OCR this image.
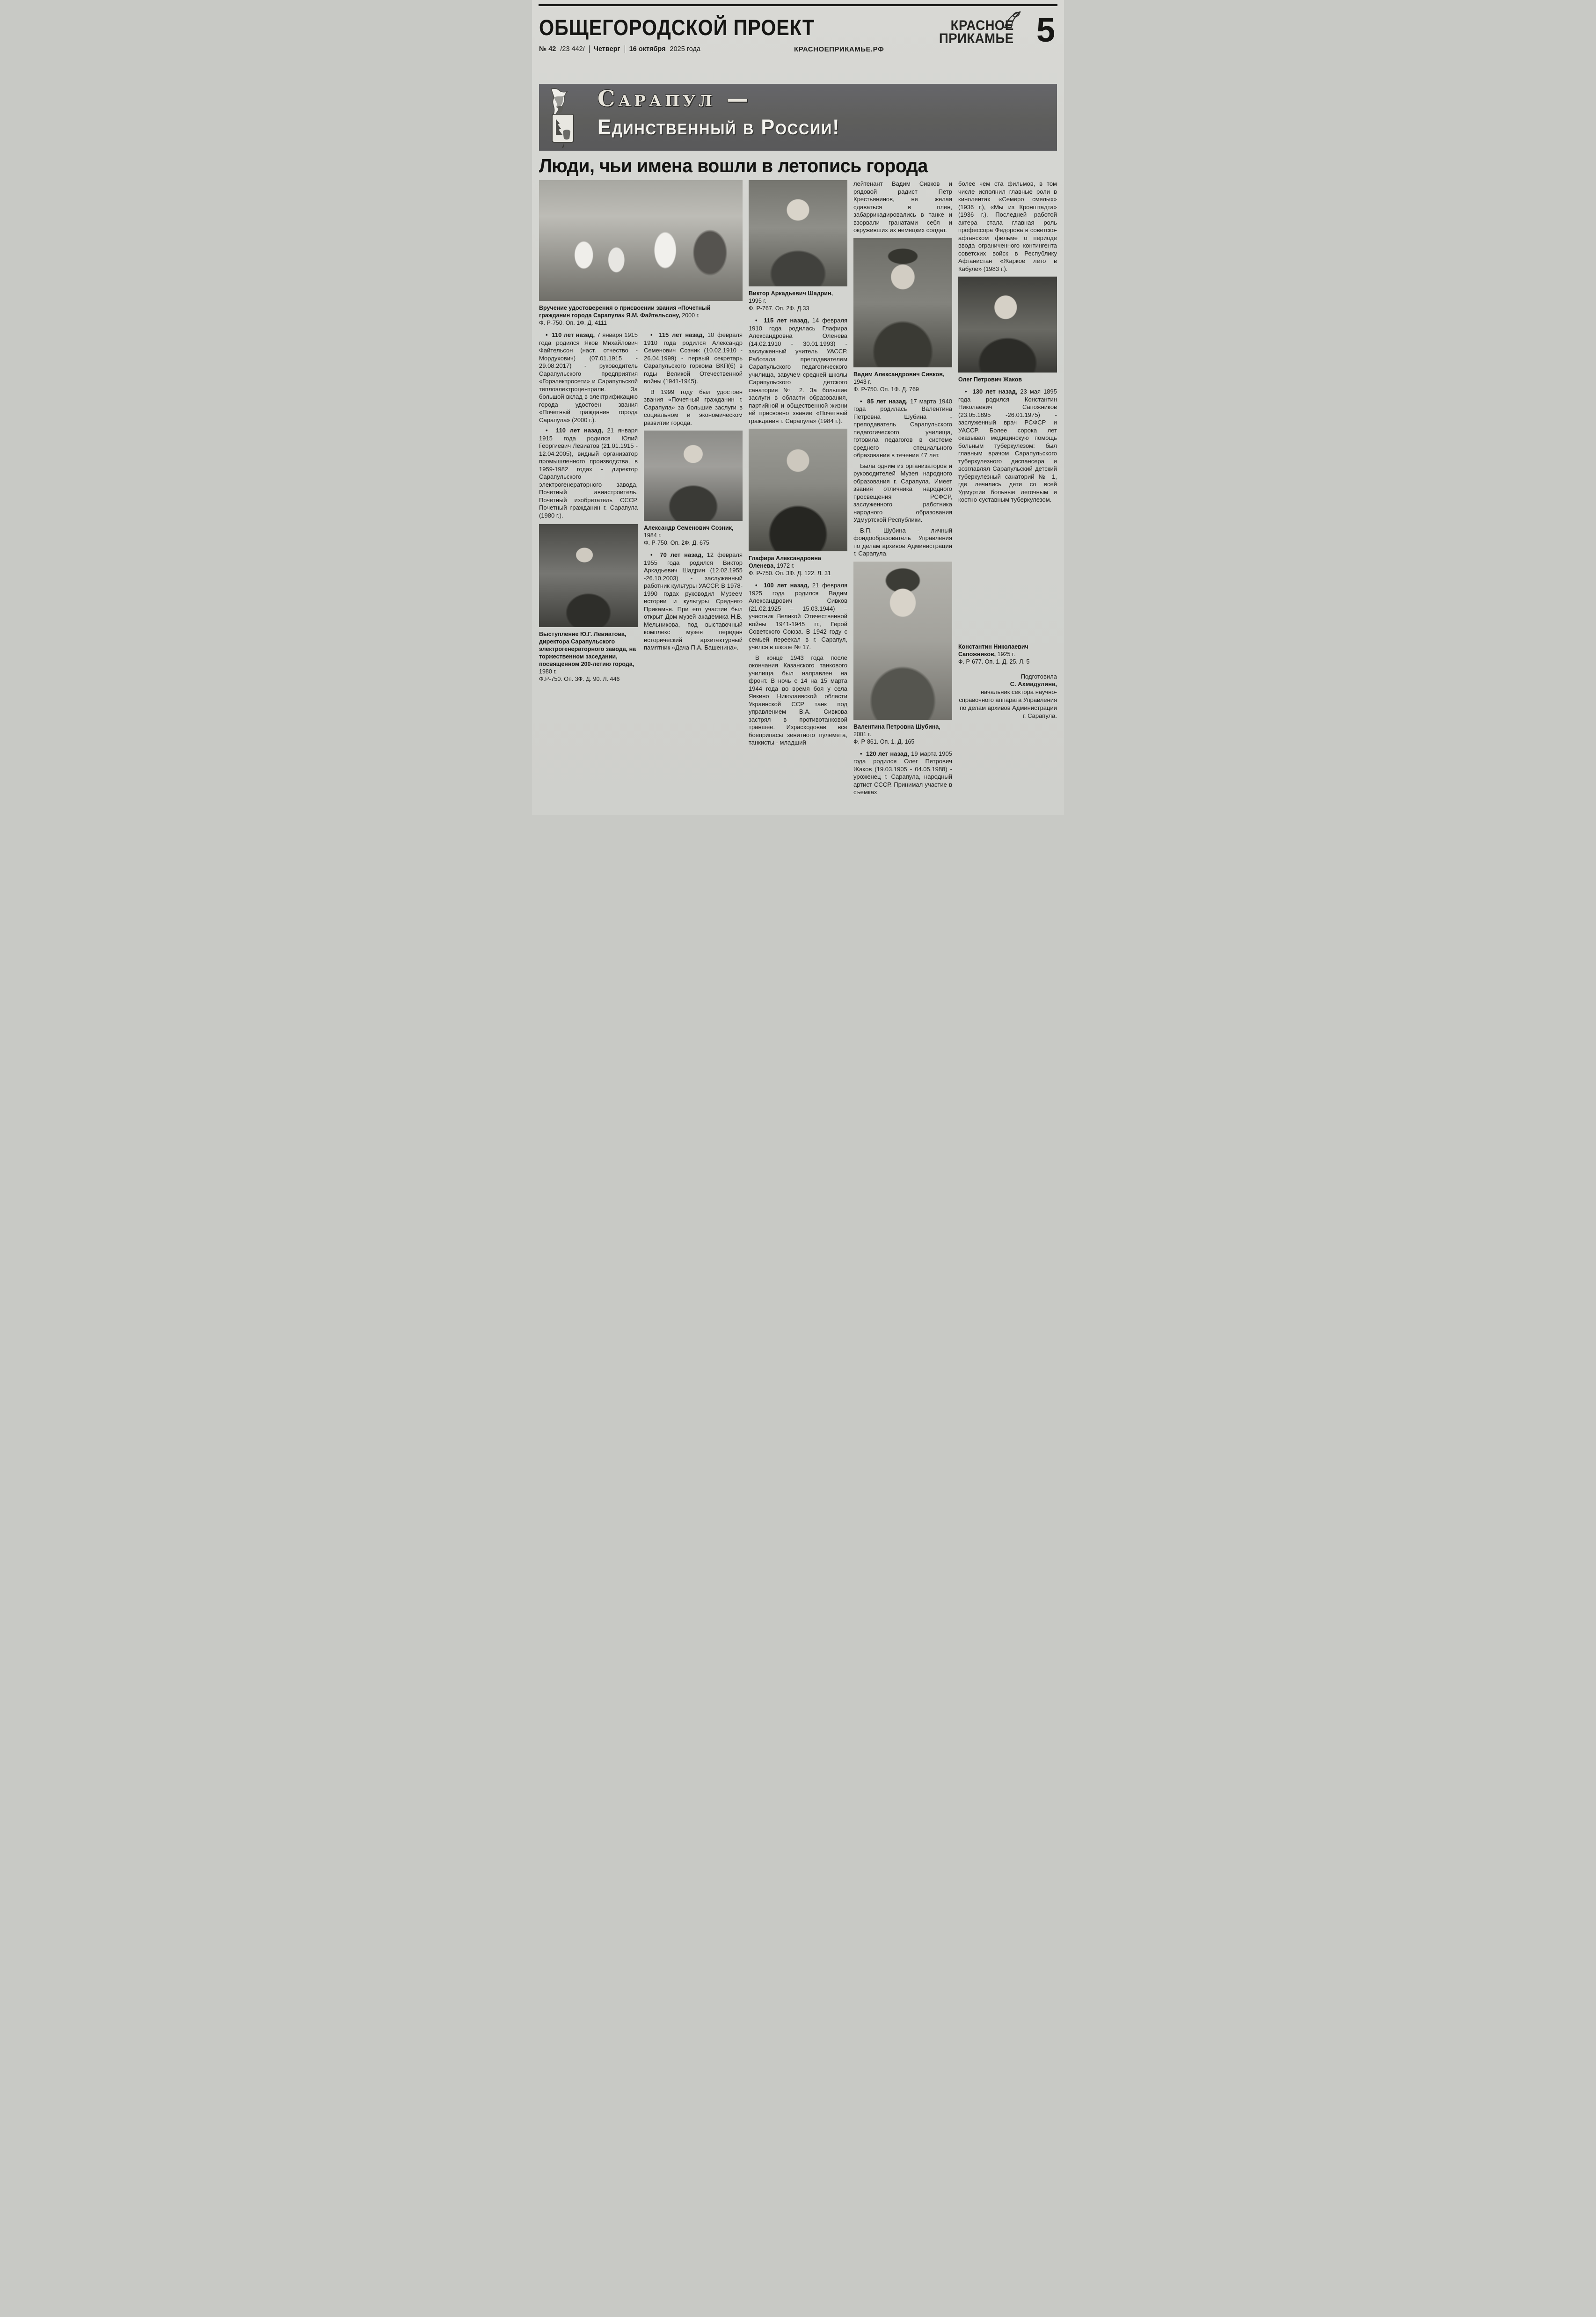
ОБЩЕГОРОДСКОЙ ПРОЕКТ
№ 42 /23 442/ Четверг 16 октября 2025 года	КРАСНОЕПРИКАМЬЕ.РФ
КРАСНОЕ
ПРИКАМЬЕ 5
Сарапул —
Единственный в России!
Люди, чьи имена вошли в летопись города
Вручение удостоверения о присвоении звания «Почетный гражданин города Сарапула» Я.М. Файтельсону, 2000 г.
Ф. Р-750. Оп. 1Ф. Д. 4111

•  110 лет назад, 7 января 1915 года родился Яков Михайлович Файтельсон (наст. отчество - Мордухович) (07.01.1915 - 29.08.2017) - руководитель Сарапульского предприятия «Горэлектросети» и Сарапульской теплоэлектроцентрали. За большой вклад в электрификацию города удостоен звания «Почетный гражданин города Сарапула» (2000 г.).

•  110 лет назад, 21 января 1915 года родился Юлий Георгиевич Левиатов (21.01.1915 - 12.04.2005), видный организатор промышленного производства, в 1959-1982 годах - директор Сарапульского электрогенераторного завода, Почетный авиастроитель, Почетный изобретатель СССР, Почетный гражданин г. Сарапула (1980 г.).

Выступление Ю.Г. Левиатова, директора Сарапульского электрогенераторного завода, на торжественном заседании, посвященном 200-летию города, 1980 г.
Ф.Р-750. Оп. 3Ф. Д. 90. Л. 446

•  115 лет назад, 10 февраля 1910 года родился Александр Семенович Созник (10.02.1910 - 26.04.1999) - первый секретарь Сарапульского горкома ВКП(б) в годы Великой Отечественной войны (1941-1945).

В 1999 году был удостоен звания «Почетный гражданин г. Сарапула» за большие заслуги в социальном и экономическом развитии города.

Александр Семенович Созник, 1984 г.
Ф. Р-750. Оп. 2Ф. Д. 675

•  70 лет назад, 12 февраля 1955 года родился Виктор Аркадьевич Шадрин (12.02.1955 -26.10.2003) - заслуженный работник культуры УАССР. В 1978-1990 годах руководил Музеем истории и культуры Среднего Прикамья. При его участии был открыт Дом-музей академика Н.В. Мельникова, под выставочный комплекс музея передан исторический архитектурный памятник «Дача П.А. Башенина».

Виктор Аркадьевич Шадрин, 1995 г.
Ф. Р-767. Оп. 2Ф. Д.33

•  115 лет назад, 14 февраля 1910 года родилась Глафира Александровна Оленева (14.02.1910 - 30.01.1993) - заслуженный учитель УАССР. Работала преподавателем Сарапульского педагогического училища, завучем средней школы Сарапульского детского санатория № 2. За большие заслуги в области образования, партийной и общественной жизни ей присвоено звание «Почетный гражданин г. Сарапула» (1984 г.).

Глафира Александровна Оленева, 1972 г.
Ф. Р-750. Оп. 3Ф. Д. 122. Л. 31

•  100 лет назад, 21 февраля 1925 года родился Вадим Александрович Сивков (21.02.1925 – 15.03.1944) – участник Великой Отечественной войны 1941-1945 гг., Герой Советского Союза. В 1942 году с семьей переехал в г. Сарапул, учился в школе № 17.

В конце 1943 года после окончания Казанского танкового училища был направлен на фронт. В ночь с 14 на 15 марта 1944 года во время боя у села Явкино Николаевской области Украинской ССР танк под управлением В.А. Сивкова застрял в противотанковой траншее. Израсходовав все боеприпасы зенитного пулемета, танкисты - младший

лейтенант Вадим Сивков и рядовой радист Петр Крестьянинов, не желая сдаваться в плен, забаррикадировались в танке и взорвали гранатами себя и окруживших их немецких солдат.

Вадим Александрович Сивков, 1943 г.
Ф. Р-750. Оп. 1Ф. Д. 769

•  85 лет назад, 17 марта 1940 года родилась Валентина Петровна Шубина - преподаватель Сарапульского педагогического училища, готовила педагогов в системе среднего специального образования в течение 47 лет.

Была одним из организаторов и руководителей Музея народного образования г. Сарапула. Имеет звания отличника народного просвещения РСФСР, заслуженного работника народного образования Удмуртской Республики.

В.П. Шубина - личный фондообразователь Управления по делам архивов Администрации г. Сарапула.

Валентина Петровна Шубина, 2001 г.
Ф. Р-861. Оп. 1. Д. 165

•  120 лет назад, 19 марта 1905 года родился Олег Петрович Жаков (19.03.1905 - 04.05.1988) - уроженец г. Сарапула, народный артист СССР. Принимал участие в съемках

более чем ста фильмов, в том числе исполнил главные роли в кинолентах «Семеро смелых» (1936 г.), «Мы из Кронштадта» (1936 г.). Последней работой актера стала главная роль профессора Федорова в советско-афганском фильме о периоде ввода ограниченного контингента советских войск в Республику Афганистан «Жаркое лето в Кабуле» (1983 г.).

Олег Петрович Жаков

•  130 лет назад, 23 мая 1895 года родился Константин Николаевич Сапожников (23.05.1895 -26.01.1975) - заслуженный врач РСФСР и УАССР. Более сорока лет оказывал медицинскую помощь больным туберкулезом: был главным врачом Сарапульского туберкулезного диспансера и возглавлял Сарапульский детский туберкулезный санаторий № 1, где лечились дети со всей Удмуртии больные легочным и костно-суставным туберкулезом.

Константин Николаевич Сапожников, 1925 г.
Ф. Р-677. Оп. 1. Д. 25. Л. 5
Подготовила
С. Ахмадулина,
начальник сектора научно-справочного аппарата Управления по делам архивов Администрации г. Сарапула.
